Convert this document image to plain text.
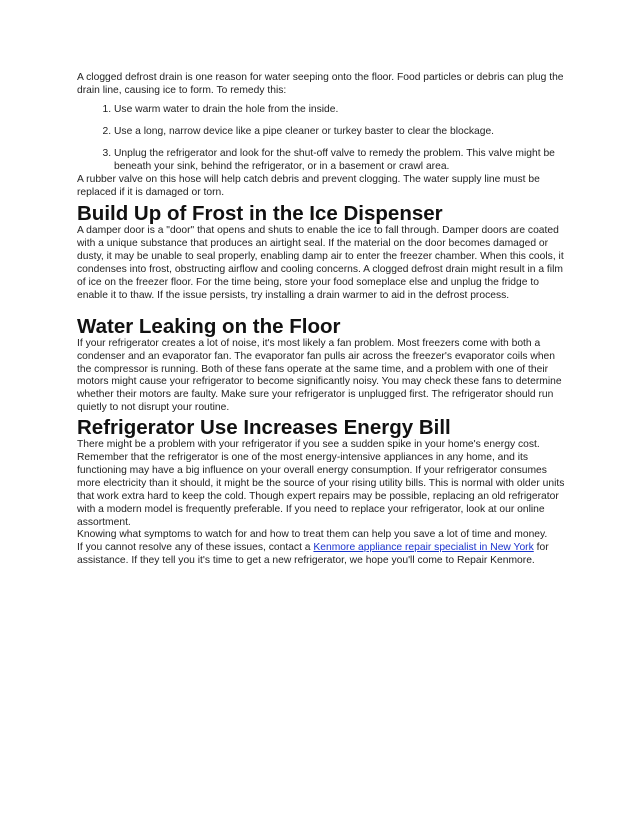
A clogged defrost drain is one reason for water seeping onto the floor. Food particles or debris can plug the drain line, causing ice to form. To remedy this:

1. Use warm water to drain the hole from the inside.
2. Use a long, narrow device like a pipe cleaner or turkey baster to clear the blockage.
3. Unplug the refrigerator and look for the shut-off valve to remedy the problem. This valve might be beneath your sink, behind the refrigerator, or in a basement or crawl area.

A rubber valve on this hose will help catch debris and prevent clogging. The water supply line must be replaced if it is damaged or torn.

Build Up of Frost in the Ice Dispenser

A damper door is a "door" that opens and shuts to enable the ice to fall through. Damper doors are coated with a unique substance that produces an airtight seal. If the material on the door becomes damaged or dusty, it may be unable to seal properly, enabling damp air to enter the freezer chamber. When this cools, it condenses into frost, obstructing airflow and cooling concerns. A clogged defrost drain might result in a film of ice on the freezer floor. For the time being, store your food someplace else and unplug the fridge to enable it to thaw. If the issue persists, try installing a drain warmer to aid in the defrost process.

Water Leaking on the Floor

If your refrigerator creates a lot of noise, it's most likely a fan problem. Most freezers come with both a condenser and an evaporator fan. The evaporator fan pulls air across the freezer's evaporator coils when the compressor is running. Both of these fans operate at the same time, and a problem with one of their motors might cause your refrigerator to become significantly noisy. You may check these fans to determine whether their motors are faulty. Make sure your refrigerator is unplugged first. The refrigerator should run quietly to not disrupt your routine.

Refrigerator Use Increases Energy Bill

There might be a problem with your refrigerator if you see a sudden spike in your home's energy cost. Remember that the refrigerator is one of the most energy-intensive appliances in any home, and its functioning may have a big influence on your overall energy consumption. If your refrigerator consumes more electricity than it should, it might be the source of your rising utility bills. This is normal with older units that work extra hard to keep the cold. Though expert repairs may be possible, replacing an old refrigerator with a modern model is frequently preferable. If you need to replace your refrigerator, look at our online assortment.

Knowing what symptoms to watch for and how to treat them can help you save a lot of time and money.

If you cannot resolve any of these issues, contact a Kenmore appliance repair specialist in New York for assistance. If they tell you it's time to get a new refrigerator, we hope you'll come to Repair Kenmore.
